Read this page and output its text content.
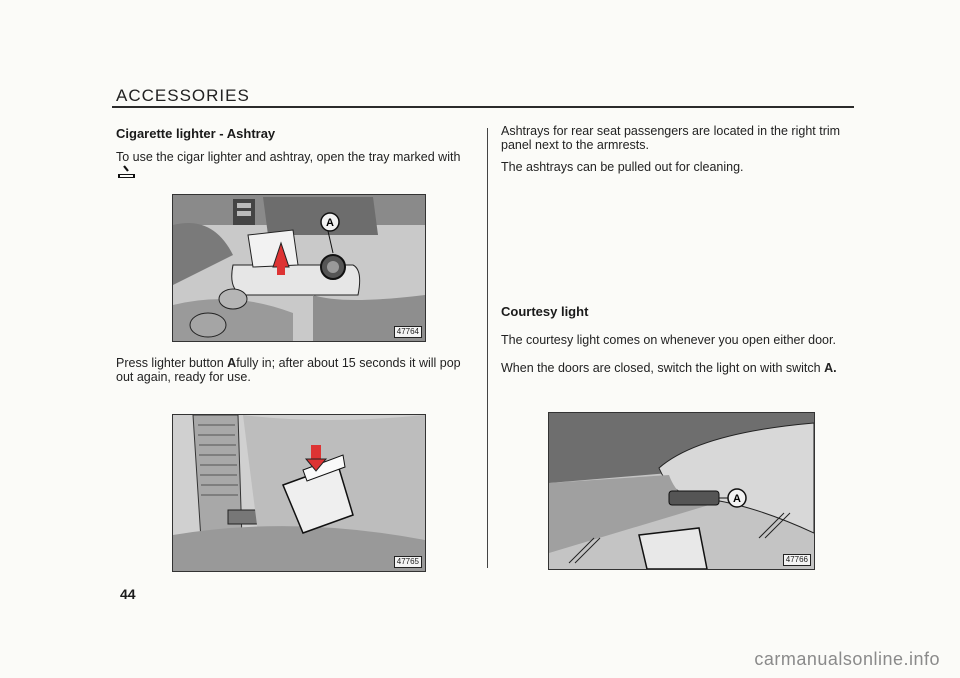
ACCESSORIES
Cigarette lighter - Ashtray
To use the cigar lighter and ashtray, open the tray marked with
A
47764
Press lighter button Afully in; after about 15 seconds it will pop out again, ready for use.
47765
44
Ashtrays for rear seat passengers are located in the right trim panel next to the armrests.
The ashtrays can be pulled out for cleaning.
Courtesy light
The courtesy light comes on whenever you open either door.
When the doors are closed, switch the light on with switch A.
A
47766
carmanualsonline.info
